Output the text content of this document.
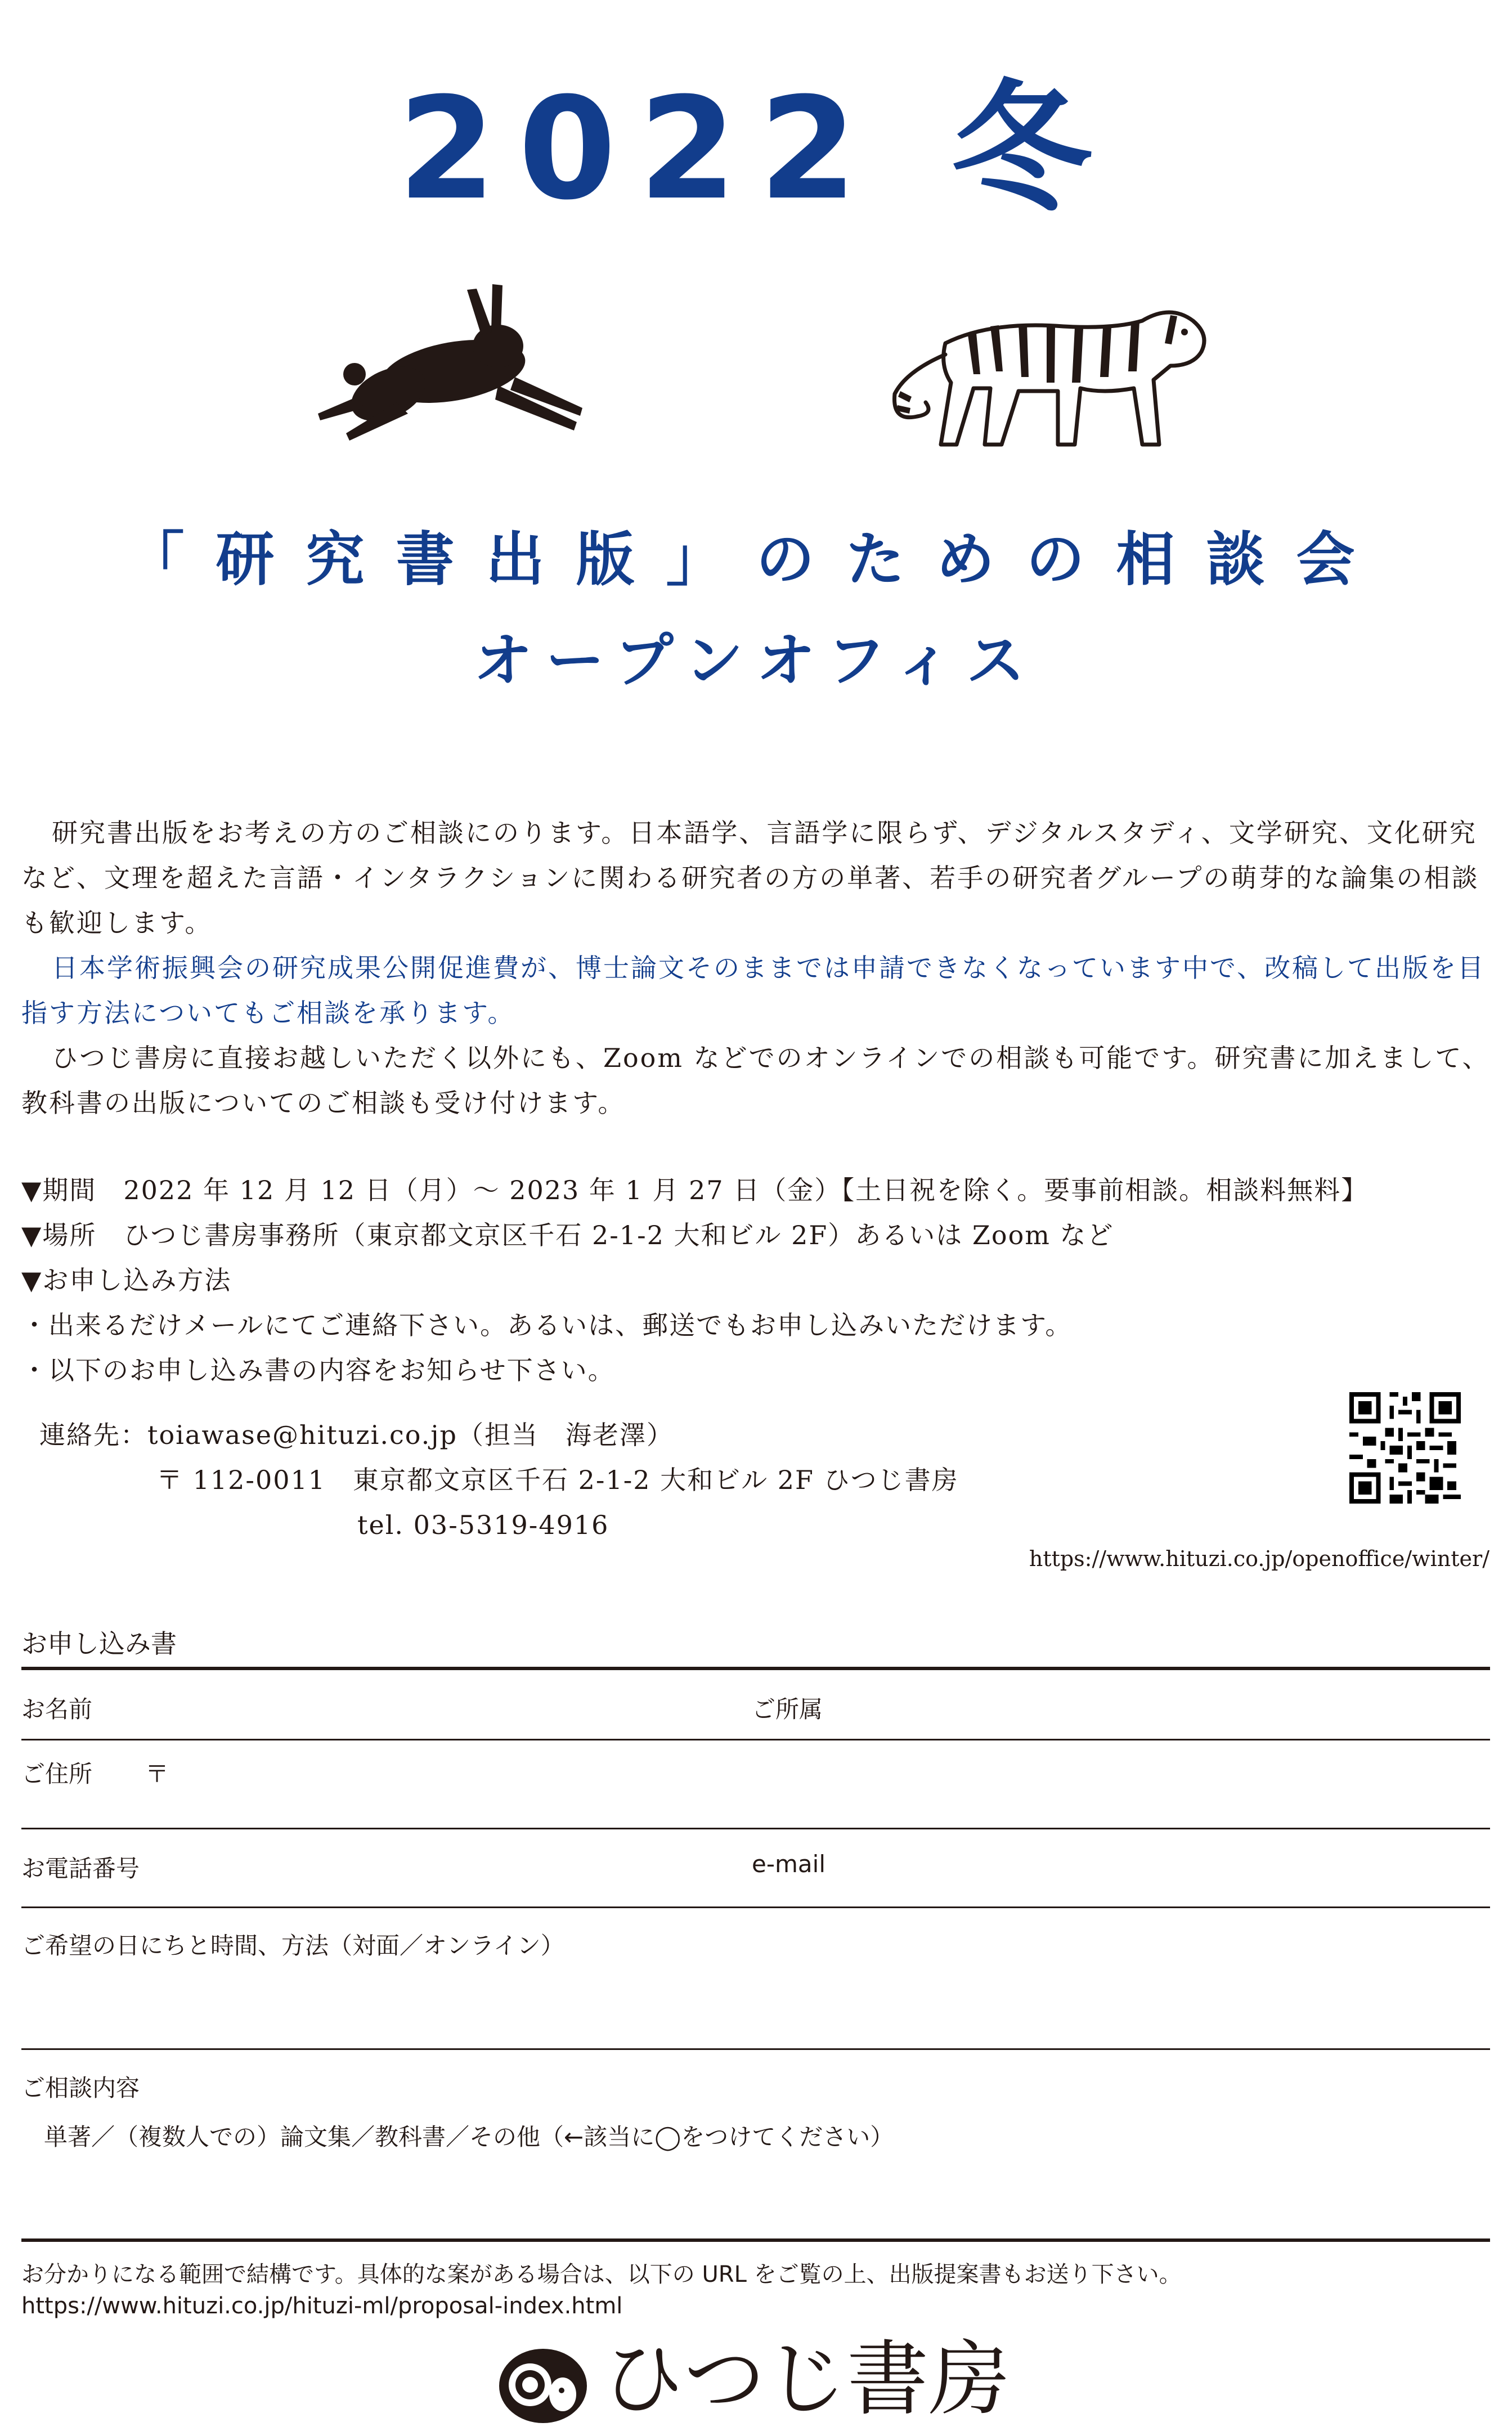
2022 冬
「研究書出版」のための相談会
オープンオフィス

研究書出版をお考えの方のご相談にのります。日本語学、言語学に限らず、デジタルスタディ、文学研究、文化研究など、文理を超えた言語・インタラクションに関わる研究者の方の単著、若手の研究者グループの萌芽的な論集の相談も歓迎します。

日本学術振興会の研究成果公開促進費が、博士論文そのままでは申請できなくなっています中で、改稿して出版を目指す方法についてもご相談を承ります。

ひつじ書房に直接お越しいただく以外にも、Zoom などでのオンラインでの相談も可能です。研究書に加えまして、教科書の出版についてのご相談も受け付けます。

▼期間　2022 年 12 月 12 日（月）〜 2023 年 1 月 27 日（金）【土日祝を除く。要事前相談。相談料無料】

▼場所　ひつじ書房事務所（東京都文京区千石 2-1-2 大和ビル 2F）あるいは Zoom など

▼お申し込み方法

・出来るだけメールにてご連絡下さい。あるいは、郵送でもお申し込みいただけます。

・以下のお申し込み書の内容をお知らせ下さい。

連絡先：toiawase@hituzi.co.jp（担当　海老澤）
〒 112-0011　東京都文京区千石 2-1-2 大和ビル 2F ひつじ書房
tel. 03-5319-4916
https://www.hituzi.co.jp/openoffice/winter/
お申し込み書
お名前	ご所属
ご住所 〒
お電話番号	e-mail
ご希望の日にちと時間、方法（対面／オンライン）
ご相談内容
単著／（複数人での）論文集／教科書／その他（←該当に◯をつけてください）
お分かりになる範囲で結構です。具体的な案がある場合は、以下の URL をご覧の上、出版提案書もお送り下さい。
https://www.hituzi.co.jp/hituzi-ml/proposal-index.html
ひつじ書房
